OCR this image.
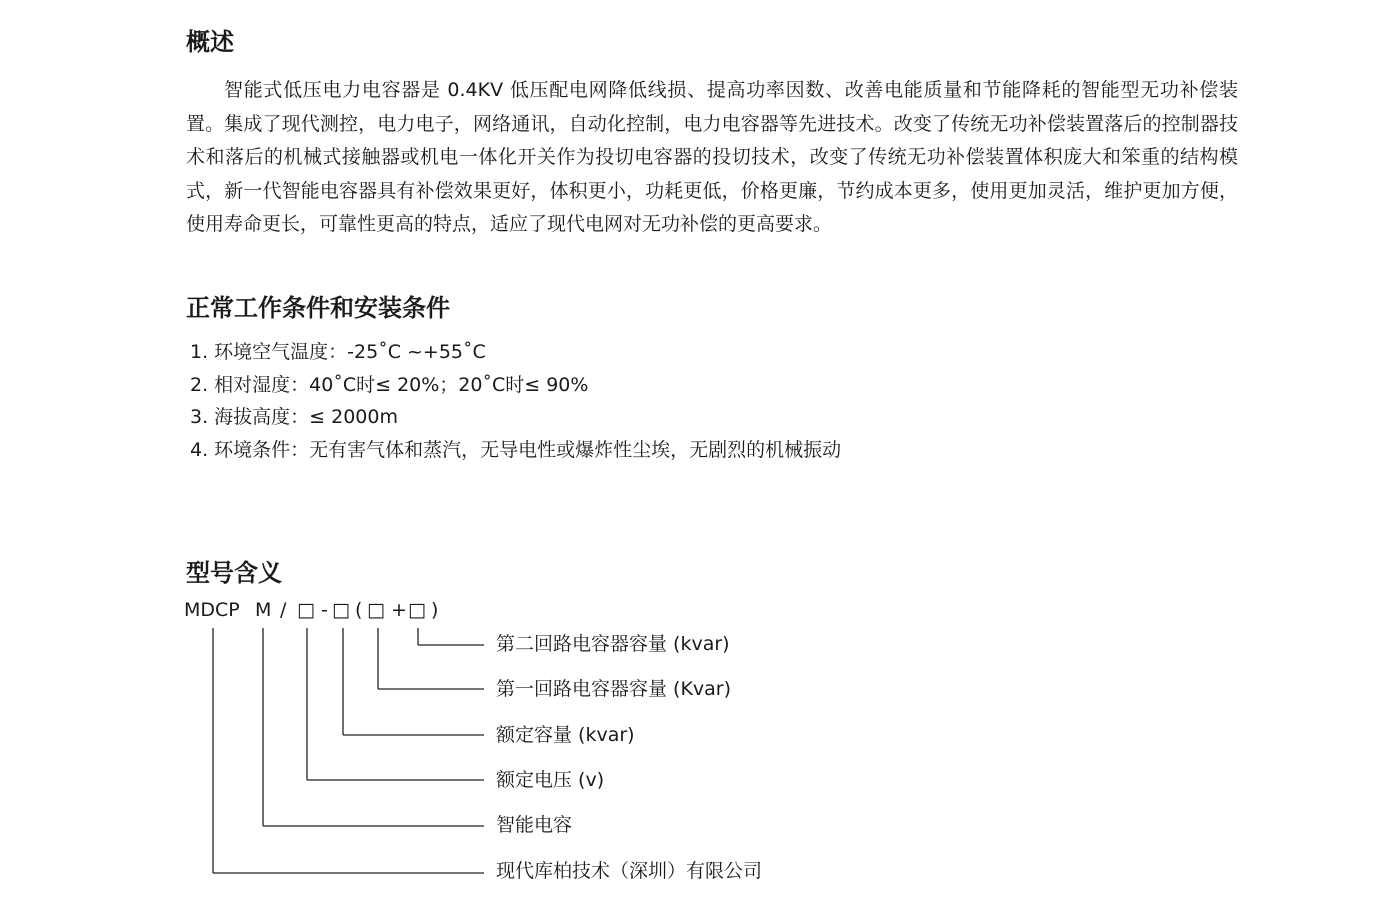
概述

智能式低压电力电容器是 0.4KV 低压配电网降低线损、提高功率因数、改善电能质量和节能降耗的智能型无功补偿装置。集成了现代测控，电力电子，网络通讯，自动化控制，电力电容器等先进技术。改变了传统无功补偿装置落后的控制器技术和落后的机械式接触器或机电一体化开关作为投切电容器的投切技术，改变了传统无功补偿装置体积庞大和笨重的结构模式，新一代智能电容器具有补偿效果更好，体积更小，功耗更低，价格更廉，节约成本更多，使用更加灵活，维护更加方便，使用寿命更长，可靠性更高的特点，适应了现代电网对无功补偿的更高要求。

正常工作条件和安装条件
1. 环境空气温度：-25˚C ~+55˚C
2. 相对湿度：40˚C时≤ 20%；20˚C时≤ 90%
3. 海拔高度：≤ 2000m
4. 环境条件：无有害气体和蒸汽，无导电性或爆炸性尘埃，无剧烈的机械振动
型号含义
MDCP M / □ - □ ( □ + □ )
第二回路电容器容量 (kvar)
第一回路电容器容量 (Kvar)
额定容量 (kvar)
额定电压 (v)
智能电容
现代库柏技术（深圳）有限公司
